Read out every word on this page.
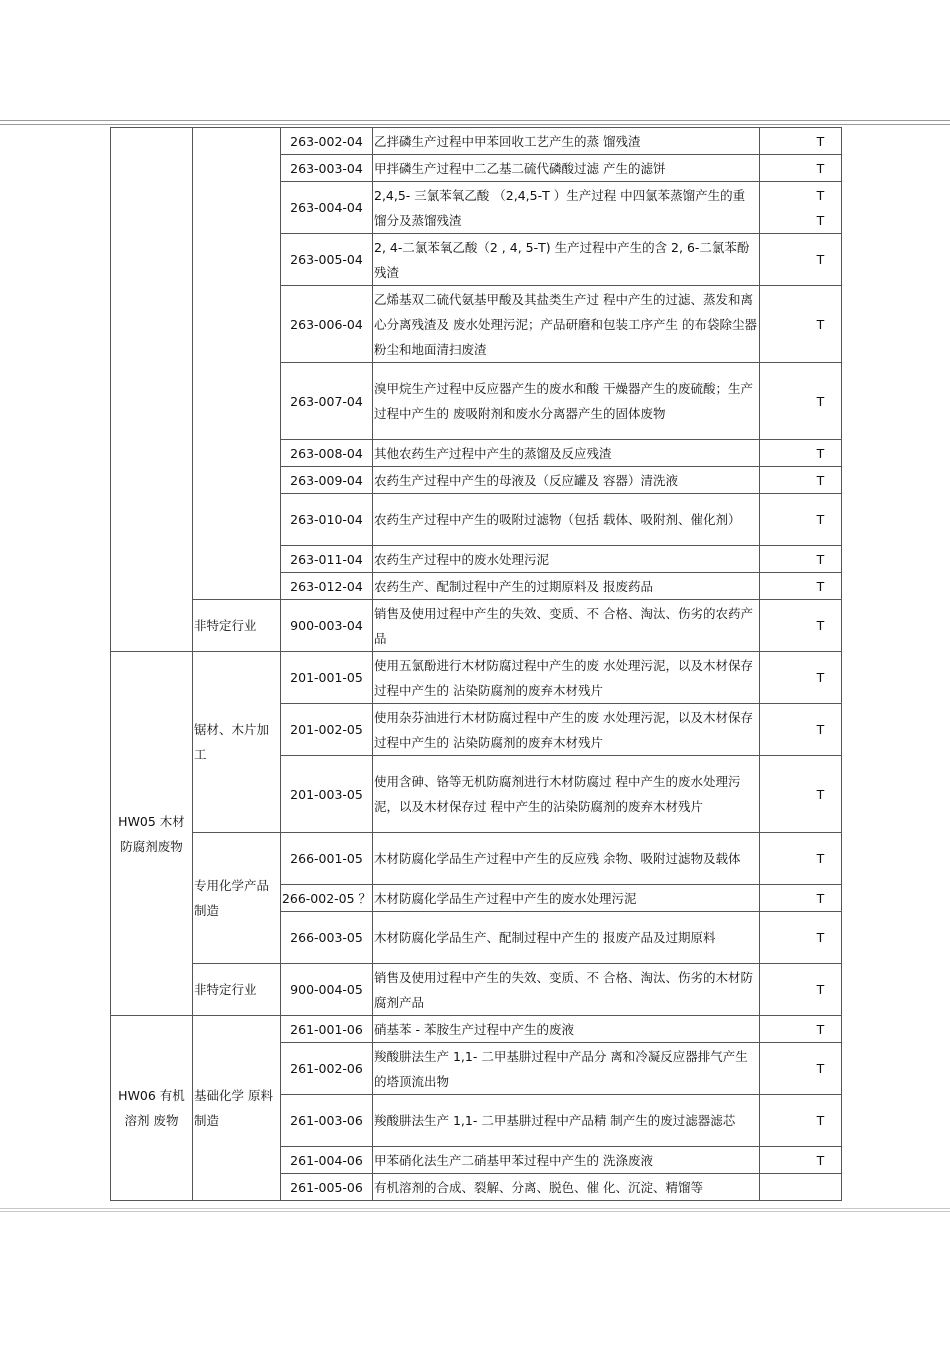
		263-002-04	乙拌磷生产过程中甲苯回收工艺产生的蒸 馏残渣	T
		263-003-04	甲拌磷生产过程中二乙基二硫代磷酸过滤 产生的滤饼	T
		263-004-04	2,4,5- 三氯苯氧乙酸 （2,4,5-T ）生产过程 中四氯苯蒸馏产生的重馏分及蒸馏残渣	T T
		263-005-04	2, 4-二氯苯氧乙酸（2 , 4, 5-T) 生产过程中产生的含 2, 6-二氯苯酚残渣	T
		263-006-04	乙烯基双二硫代氨基甲酸及其盐类生产过 程中产生的过滤、蒸发和离心分离残渣及 废水处理污泥；产品研磨和包装工序产生 的布袋除尘器粉尘和地面清扫废渣	T
		263-007-04	溴甲烷生产过程中反应器产生的废水和酸 干燥器产生的废硫酸；生产过程中产生的 废吸附剂和废水分离器产生的固体废物	T
		263-008-04	其他农药生产过程中产生的蒸馏及反应残渣	T
		263-009-04	农药生产过程中产生的母液及（反应罐及 容器）清洗液	T
		263-010-04	农药生产过程中产生的吸附过滤物（包括 载体、吸附剂、催化剂）	T
		263-011-04	农药生产过程中的废水处理污泥	T
		263-012-04	农药生产、配制过程中产生的过期原料及 报废药品	T
	非特定行业	900-003-04	销售及使用过程中产生的失效、变质、不 合格、淘汰、伤劣的农药产品	T
HW05 木材防腐剂废物	锯材、木片加工	201-001-05	使用五氯酚进行木材防腐过程中产生的废 水处理污泥，以及木材保存过程中产生的 沾染防腐剂的废弃木材残片	T
		201-002-05	使用杂芬油进行木材防腐过程中产生的废 水处理污泥，以及木材保存过程中产生的 沾染防腐剂的废弃木材残片	T
		201-003-05	使用含砷、铬等无机防腐剂进行木材防腐过 程中产生的废水处理污泥，以及木材保存过 程中产生的沾染防腐剂的废弃木材残片	T
	专用化学产品制造	266-001-05	木材防腐化学品生产过程中产生的反应残 余物、吸附过滤物及载体	T
		266-002-05 ？	木材防腐化学品生产过程中产生的废水处理污泥	T
		266-003-05	木材防腐化学品生产、配制过程中产生的 报废产品及过期原料	T
	非特定行业	900-004-05	销售及使用过程中产生的失效、变质、不 合格、淘汰、伤劣的木材防腐剂产品	T
HW06 有机溶剂 废物	基础化学 原料制造	261-001-06	硝基苯 - 苯胺生产过程中产生的废液	T
		261-002-06	羧酸肼法生产 1,1- 二甲基肼过程中产品分 离和冷凝反应器排气产生的塔顶流出物	T
		261-003-06	羧酸肼法生产 1,1- 二甲基肼过程中产品精 制产生的废过滤器滤芯	T
		261-004-06	甲苯硝化法生产二硝基甲苯过程中产生的 洗涤废液	T
		261-005-06	有机溶剂的合成、裂解、分离、脱色、催 化、沉淀、精馏等	
